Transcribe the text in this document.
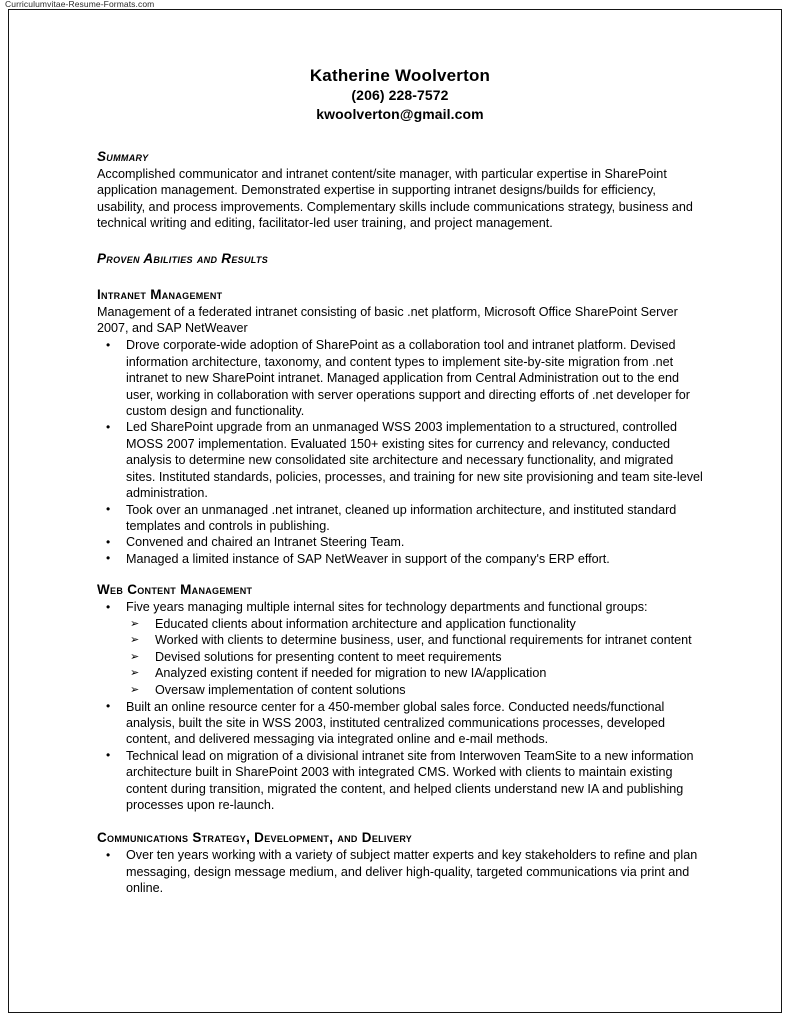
Curriculumvitae-Resume-Formats.com
Katherine Woolverton
(206) 228-7572
kwoolverton@gmail.com
Summary

Accomplished communicator and intranet content/site manager, with particular expertise in SharePoint application management. Demonstrated expertise in supporting intranet designs/builds for efficiency, usability, and process improvements. Complementary skills include communications strategy, business and technical writing and editing, facilitator-led user training, and project management.

Proven Abilities and Results
Intranet Management

Management of a federated intranet consisting of basic .net platform, Microsoft Office SharePoint Server 2007, and SAP NetWeaver

• Drove corporate-wide adoption of SharePoint as a collaboration tool and intranet platform. Devised information architecture, taxonomy, and content types to implement site-by-site migration from .net intranet to new SharePoint intranet. Managed application from Central Administration out to the end user, working in collaboration with server operations support and directing efforts of .net developer for custom design and functionality.
• Led SharePoint upgrade from an unmanaged WSS 2003 implementation to a structured, controlled MOSS 2007 implementation. Evaluated 150+ existing sites for currency and relevancy, conducted analysis to determine new consolidated site architecture and necessary functionality, and migrated sites. Instituted standards, policies, processes, and training for new site provisioning and team site-level administration.
• Took over an unmanaged .net intranet, cleaned up information architecture, and instituted standard templates and controls in publishing.
• Convened and chaired an Intranet Steering Team.
• Managed a limited instance of SAP NetWeaver in support of the company's ERP effort.
Web Content Management
• Five years managing multiple internal sites for technology departments and functional groups:
➢ Educated clients about information architecture and application functionality
➢ Worked with clients to determine business, user, and functional requirements for intranet content
➢ Devised solutions for presenting content to meet requirements
➢ Analyzed existing content if needed for migration to new IA/application
➢ Oversaw implementation of content solutions
• Built an online resource center for a 450-member global sales force. Conducted needs/functional analysis, built the site in WSS 2003, instituted centralized communications processes, developed content, and delivered messaging via integrated online and e-mail methods.
• Technical lead on migration of a divisional intranet site from Interwoven TeamSite to a new information architecture built in SharePoint 2003 with integrated CMS. Worked with clients to maintain existing content during transition, migrated the content, and helped clients understand new IA and publishing processes upon re-launch.
Communications Strategy, Development, and Delivery
• Over ten years working with a variety of subject matter experts and key stakeholders to refine and plan messaging, design message medium, and deliver high-quality, targeted communications via print and online.
